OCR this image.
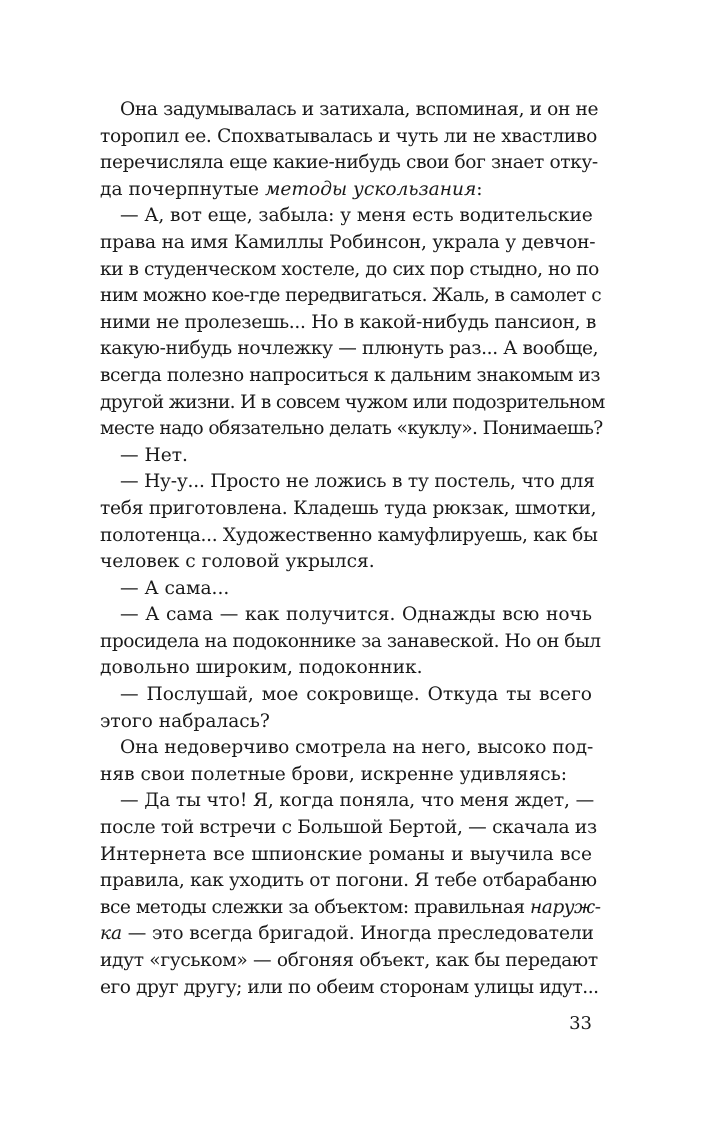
Она задумывалась и затихала, вспоминая, и он не
торопил ее. Спохватывалась и чуть ли не хвастливо
перечисляла еще какие-нибудь свои бог знает отку-
да почерпнутые методы ускользания:
— А, вот еще, забыла: у меня есть водительские
права на имя Камиллы Робинсон, украла у девчон-
ки в студенческом хостеле, до сих пор стыдно, но по
ним можно кое-где передвигаться. Жаль, в самолет с
ними не пролезешь... Но в какой-нибудь пансион, в
какую-нибудь ночлежку — плюнуть раз... А вообще,
всегда полезно напроситься к дальним знакомым из
другой жизни. И в совсем чужом или подозрительном
месте надо обязательно делать «куклу». Понимаешь?
— Нет.
— Ну-у... Просто не ложись в ту постель, что для
тебя приготовлена. Кладешь туда рюкзак, шмотки,
полотенца... Художественно камуфлируешь, как бы
человек с головой укрылся.
— А сама...
— А сама — как получится. Однажды всю ночь
просидела на подоконнике за занавеской. Но он был
довольно широким, подоконник.
— Послушай, мое сокровище. Откуда ты всего
этого набралась?
Она недоверчиво смотрела на него, высоко под-
няв свои полетные брови, искренне удивляясь:
— Да ты что! Я, когда поняла, что меня ждет, —
после той встречи с Большой Бертой, — скачала из
Интернета все шпионские романы и выучила все
правила, как уходить от погони. Я тебе отбарабаню
все методы слежки за объектом: правильная наруж-
ка — это всегда бригадой. Иногда преследователи
идут «гуськом» — обгоняя объект, как бы передают
его друг другу; или по обеим сторонам улицы идут...
33
